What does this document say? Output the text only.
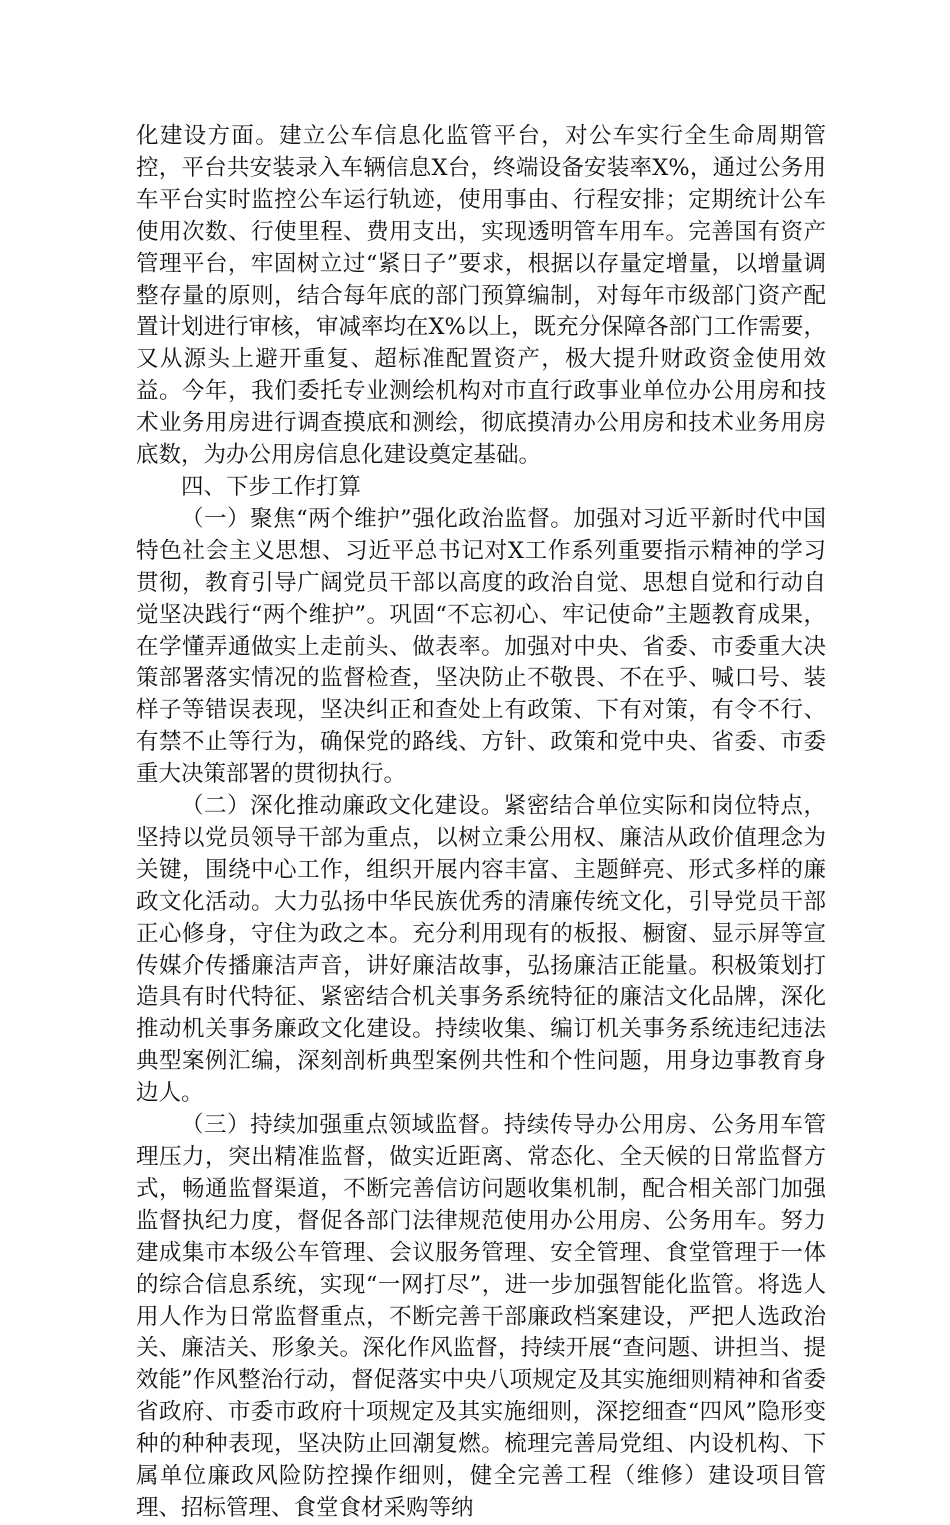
化建设方面。建立公车信息化监管平台，对公车实行全生命周期管控，平台共安装录入车辆信息X台，终端设备安装率X%，通过公务用车平台实时监控公车运行轨迹，使用事由、行程安排；定期统计公车使用次数、行使里程、费用支出，实现透明管车用车。完善国有资产管理平台，牢固树立过“紧日子”要求，根据以存量定增量，以增量调整存量的原则，结合每年底的部门预算编制，对每年市级部门资产配置计划进行审核，审减率均在X%以上，既充分保障各部门工作需要，又从源头上避开重复、超标准配置资产，极大提升财政资金使用效益。今年，我们委托专业测绘机构对市直行政事业单位办公用房和技术业务用房进行调查摸底和测绘，彻底摸清办公用房和技术业务用房底数，为办公用房信息化建设奠定基础。

四、下步工作打算

（一）聚焦“两个维护”强化政治监督。加强对习近平新时代中国特色社会主义思想、习近平总书记对X工作系列重要指示精神的学习贯彻，教育引导广阔党员干部以高度的政治自觉、思想自觉和行动自觉坚决践行“两个维护”。巩固“不忘初心、牢记使命”主题教育成果，在学懂弄通做实上走前头、做表率。加强对中央、省委、市委重大决策部署落实情况的监督检查，坚决防止不敬畏、不在乎、喊口号、装样子等错误表现，坚决纠正和查处上有政策、下有对策，有令不行、有禁不止等行为，确保党的路线、方针、政策和党中央、省委、市委重大决策部署的贯彻执行。

（二）深化推动廉政文化建设。紧密结合单位实际和岗位特点，坚持以党员领导干部为重点，以树立秉公用权、廉洁从政价值理念为关键，围绕中心工作，组织开展内容丰富、主题鲜亮、形式多样的廉政文化活动。大力弘扬中华民族优秀的清廉传统文化，引导党员干部正心修身，守住为政之本。充分利用现有的板报、橱窗、显示屏等宣传媒介传播廉洁声音，讲好廉洁故事，弘扬廉洁正能量。积极策划打造具有时代特征、紧密结合机关事务系统特征的廉洁文化品牌，深化推动机关事务廉政文化建设。持续收集、编订机关事务系统违纪违法典型案例汇编，深刻剖析典型案例共性和个性问题，用身边事教育身边人。

（三）持续加强重点领域监督。持续传导办公用房、公务用车管理压力，突出精准监督，做实近距离、常态化、全天候的日常监督方式，畅通监督渠道，不断完善信访问题收集机制，配合相关部门加强监督执纪力度，督促各部门法律规范使用办公用房、公务用车。努力建成集市本级公车管理、会议服务管理、安全管理、食堂管理于一体的综合信息系统，实现“一网打尽”，进一步加强智能化监管。将选人用人作为日常监督重点，不断完善干部廉政档案建设，严把人选政治关、廉洁关、形象关。深化作风监督，持续开展“查问题、讲担当、提效能”作风整治行动，督促落实中央八项规定及其实施细则精神和省委省政府、市委市政府十项规定及其实施细则，深挖细查“四风”隐形变种的种种表现，坚决防止回潮复燃。梳理完善局党组、内设机构、下属单位廉政风险防控操作细则，健全完善工程（维修）建设项目管理、招标管理、食堂食材采购等纳
